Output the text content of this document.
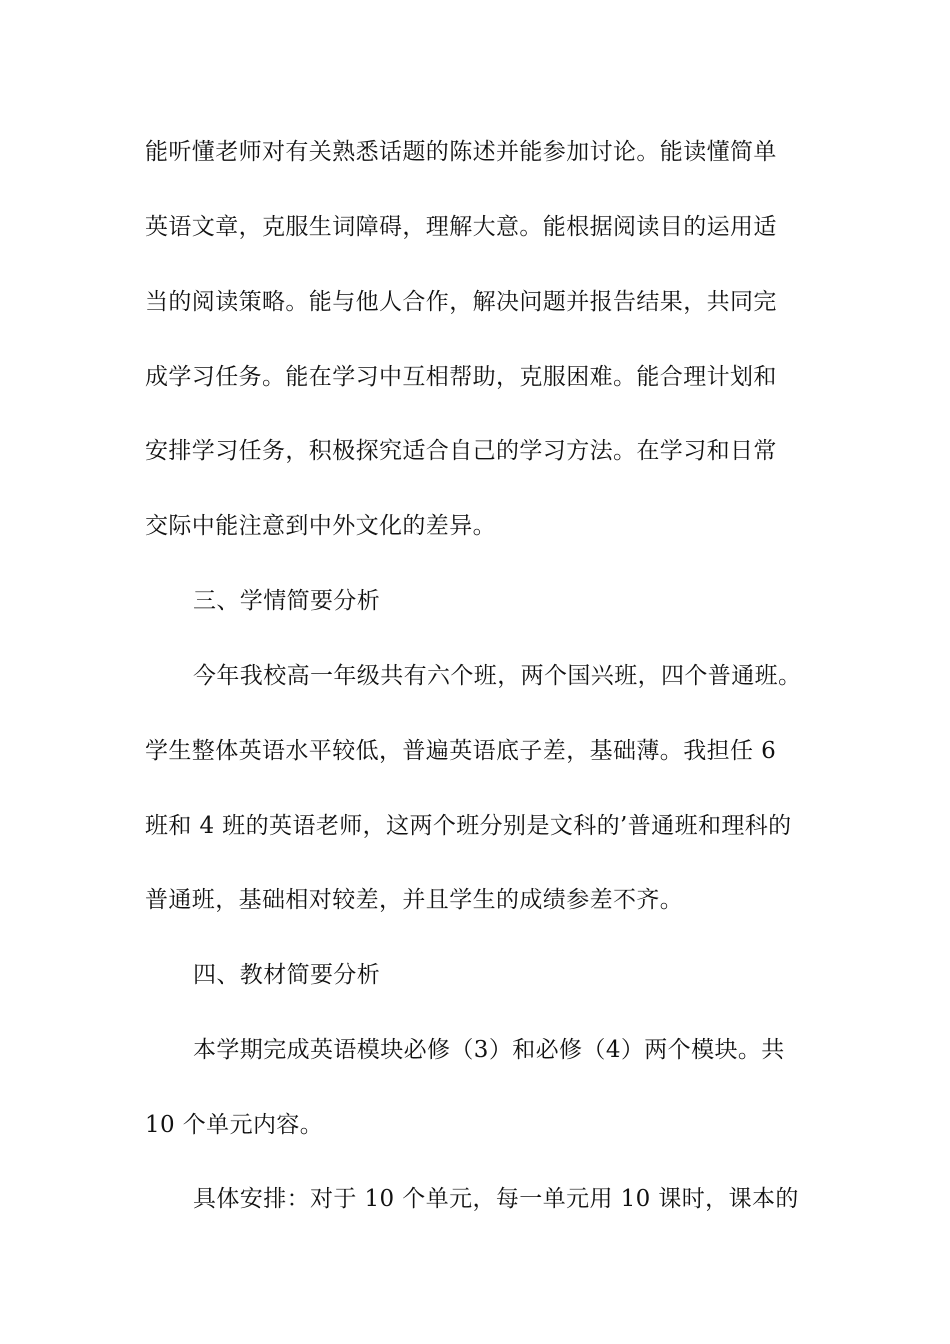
能听懂老师对有关熟悉话题的陈述并能参加讨论。能读懂简单
英语文章，克服生词障碍，理解大意。能根据阅读目的运用适
当的阅读策略。能与他人合作，解决问题并报告结果，共同完
成学习任务。能在学习中互相帮助，克服困难。能合理计划和
安排学习任务，积极探究适合自己的学习方法。在学习和日常
交际中能注意到中外文化的差异。
三、学情简要分析
今年我校高一年级共有六个班，两个国兴班，四个普通班。
学生整体英语水平较低，普遍英语底子差，基础薄。我担任 6
班和 4 班的英语老师，这两个班分别是文科的’普通班和理科的
普通班，基础相对较差，并且学生的成绩参差不齐。
四、教材简要分析
本学期完成英语模块必修（3）和必修（4）两个模块。共
10 个单元内容。
具体安排：对于 10 个单元，每一单元用 10 课时，课本的
